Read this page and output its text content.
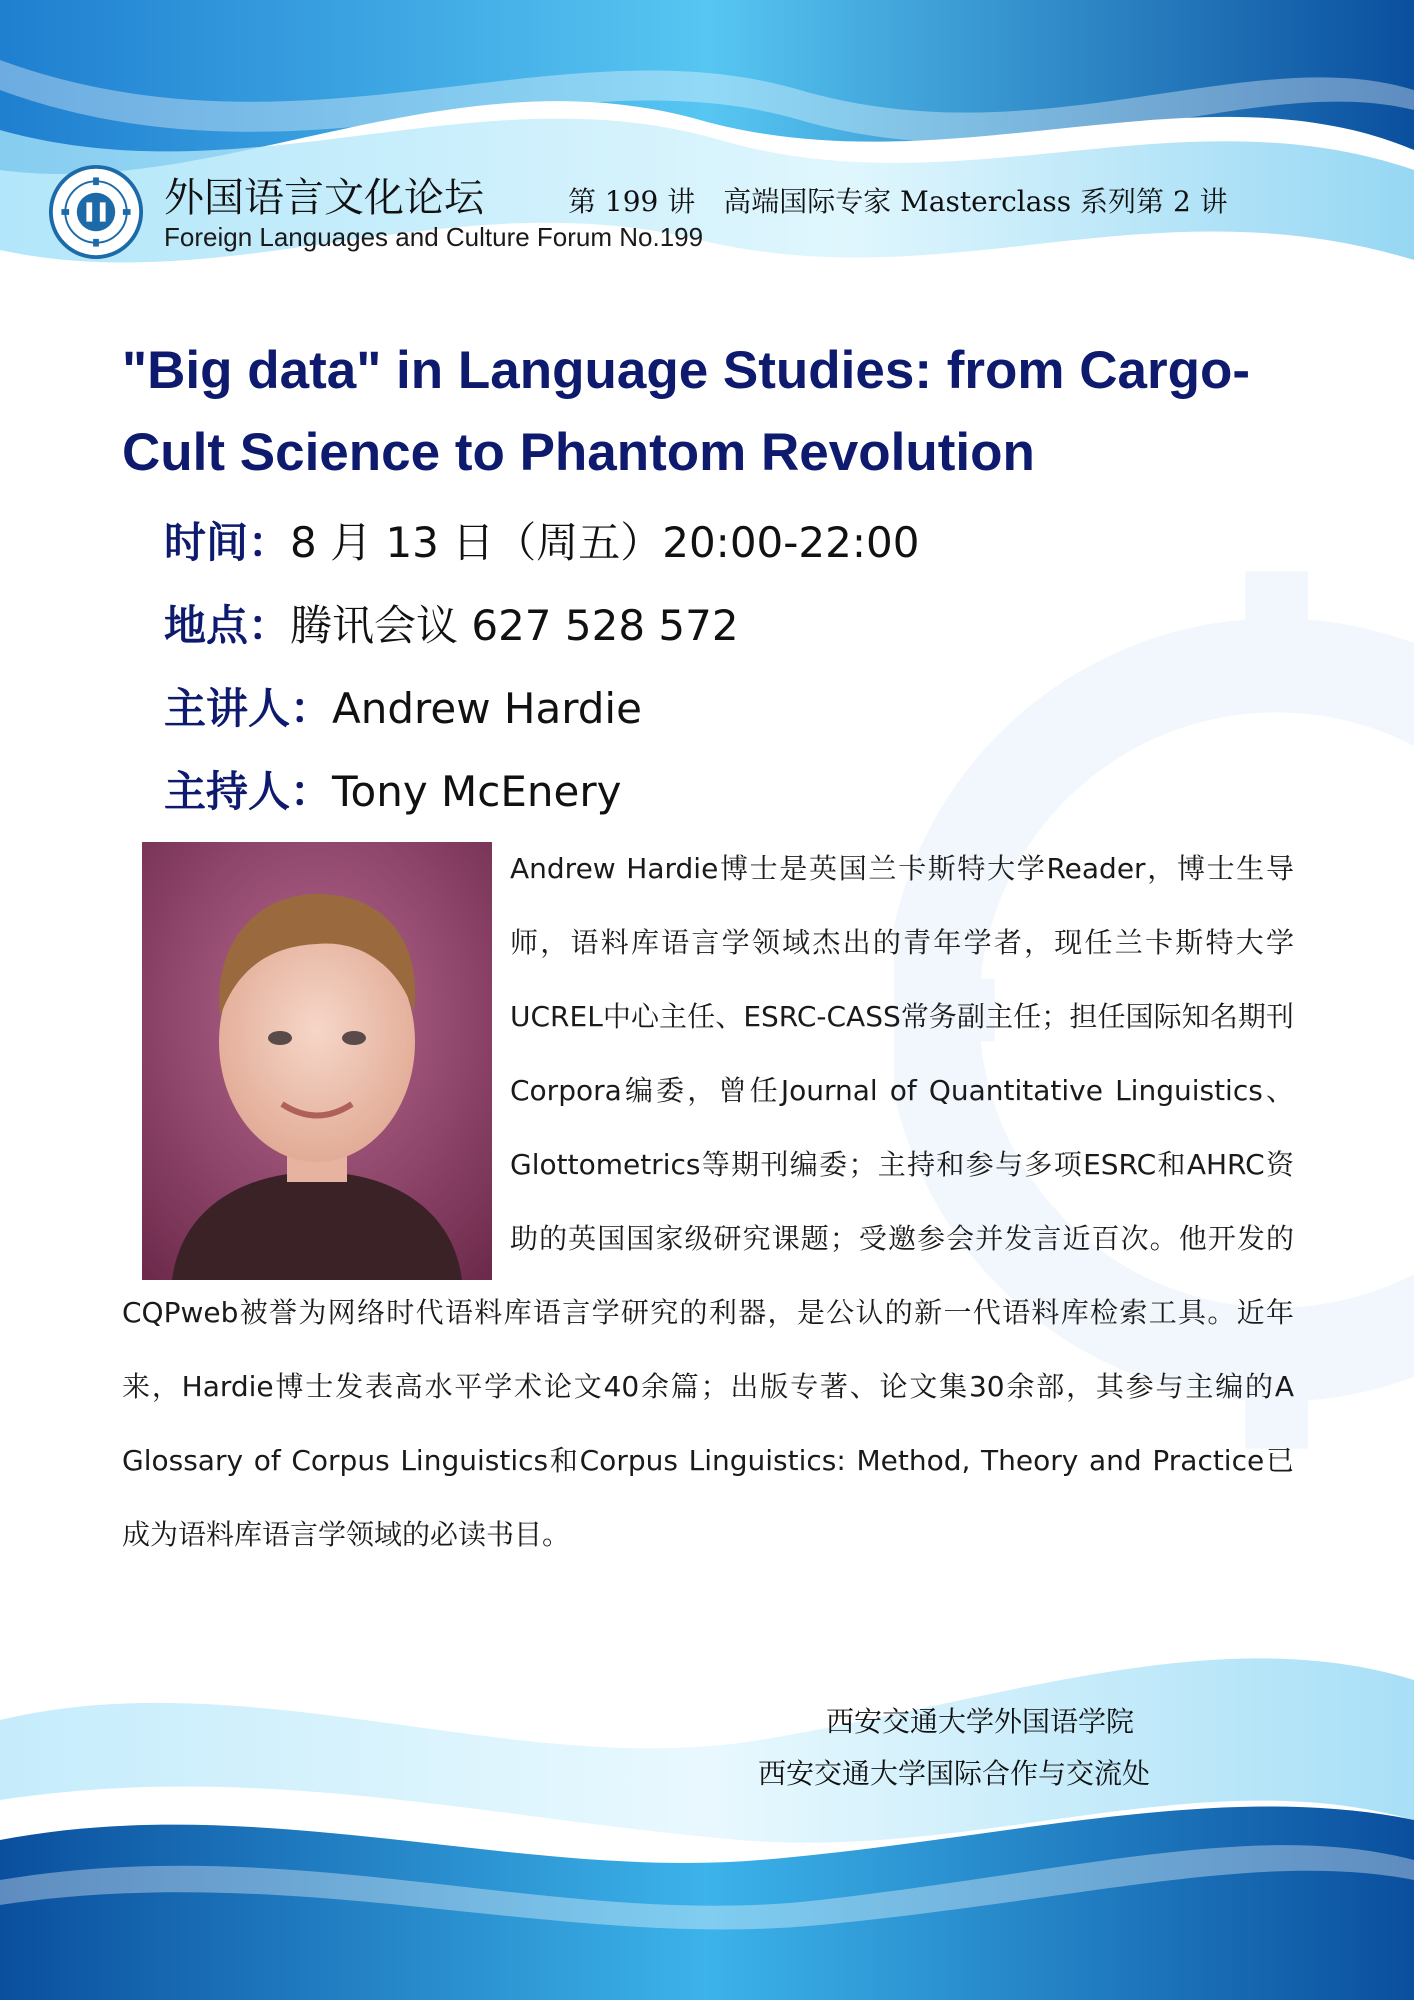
外国语言文化论坛	第 199 讲　高端国际专家 Masterclass 系列第 2 讲
Foreign Languages and Culture Forum No.199
"Big data" in Language Studies: from Cargo-Cult Science to Phantom Revolution
时间：8 月 13 日（周五）20:00-22:00
地点：腾讯会议 627 528 572
主讲人：Andrew Hardie
主持人：Tony McEnery
Andrew Hardie博士是英国兰卡斯特大学Reader，博士生导师，语料库语言学领域杰出的青年学者，现任兰卡斯特大学UCREL中心主任、ESRC-CASS常务副主任；担任国际知名期刊Corpora编委，曾任Journal of Quantitative Linguistics、Glottometrics等期刊编委；主持和参与多项ESRC和AHRC资助的英国国家级研究课题；受邀参会并发言近百次。他开发的CQPweb被誉为网络时代语料库语言学研究的利器，是公认的新一代语料库检索工具。近年来，Hardie博士发表高水平学术论文40余篇；出版专著、论文集30余部，其参与主编的A Glossary of Corpus Linguistics和Corpus Linguistics: Method, Theory and Practice已成为语料库语言学领域的必读书目。
西安交通大学外国语学院
西安交通大学国际合作与交流处
